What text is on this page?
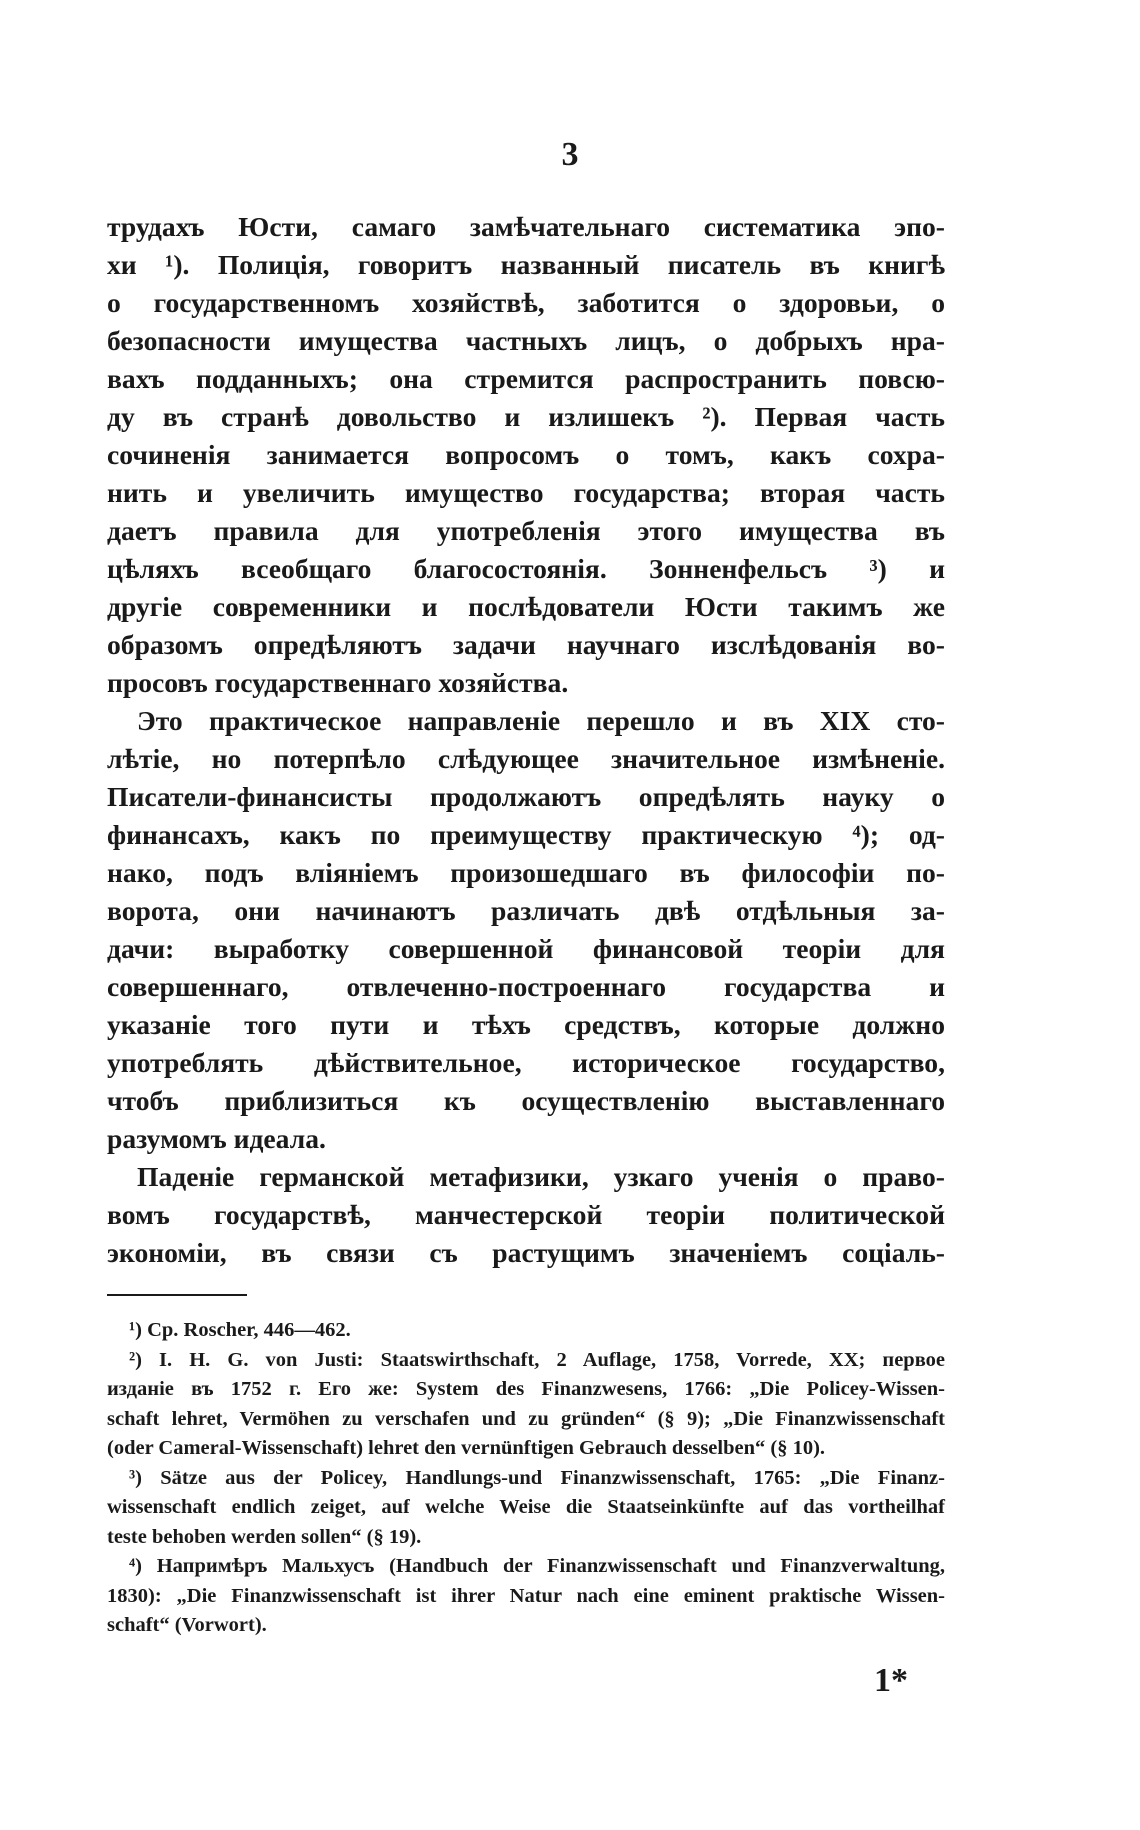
3
трудахъ Юсти, самаго замѣчательнаго систематика эпо-
хи ¹). Полиція, говоритъ названный писатель въ книгѣ
о государственномъ хозяйствѣ, заботится о здоровьи, о
безопасности имущества частныхъ лицъ, о добрыхъ нра-
вахъ подданныхъ; она стремится распространить повсю-
ду въ странѣ довольство и излишекъ ²). Первая часть
сочиненія занимается вопросомъ о томъ, какъ сохра-
нить и увеличить имущество государства; вторая часть
даетъ правила для употребленія этого имущества въ
цѣляхъ всеобщаго благосостоянія. Зонненфельсъ ³) и
другіе современники и послѣдователи Юсти такимъ же
образомъ опредѣляютъ задачи научнаго изслѣдованія во-
просовъ государственнаго хозяйства.
Это практическое направленіе перешло и въ XIX сто-
лѣтіе, но потерпѣло слѣдующее значительное измѣненіе.
Писатели-финансисты продолжаютъ опредѣлять науку о
финансахъ, какъ по преимуществу практическую ⁴); од-
нако, подъ вліяніемъ произошедшаго въ философіи по-
ворота, они начинаютъ различать двѣ отдѣльныя за-
дачи: выработку совершенной финансовой теоріи для
совершеннаго, отвлеченно-построеннаго государства и
указаніе того пути и тѣхъ средствъ, которые должно
употреблять дѣйствительное, историческое государство,
чтобъ приблизиться къ осуществленію выставленнаго
разумомъ идеала.
Паденіе германской метафизики, узкаго ученія о право-
вомъ государствѣ, манчестерской теоріи политической
экономіи, въ связи съ растущимъ значеніемъ соціаль-
¹) Cp. Roscher, 446—462.
²) I. H. G. von Justi: Staatswirthschaft, 2 Auflage, 1758, Vorrede, XX; первое
изданіе въ 1752 г. Его же: System des Finanzwesens, 1766: „Die Policey-Wissen-
schaft lehret, Vermöhen zu verschafen und zu gründen“ (§ 9); „Die Finanzwissenschaft
(oder Cameral-Wissenschaft) lehret den vernünftigen Gebrauch desselben“ (§ 10).
³) Sätze aus der Policey, Handlungs-und Finanzwissenschaft, 1765: „Die Finanz-
wissenschaft endlich zeiget, auf welche Weise die Staatseinkünfte auf das vortheilhaf
teste behoben werden sollen“ (§ 19).
⁴) Напримѣръ Мальхусъ (Handbuch der Finanzwissenschaft und Finanzverwaltung,
1830): „Die Finanzwissenschaft ist ihrer Natur nach eine eminent praktische Wissen-
schaft“ (Vorwort).
1*
